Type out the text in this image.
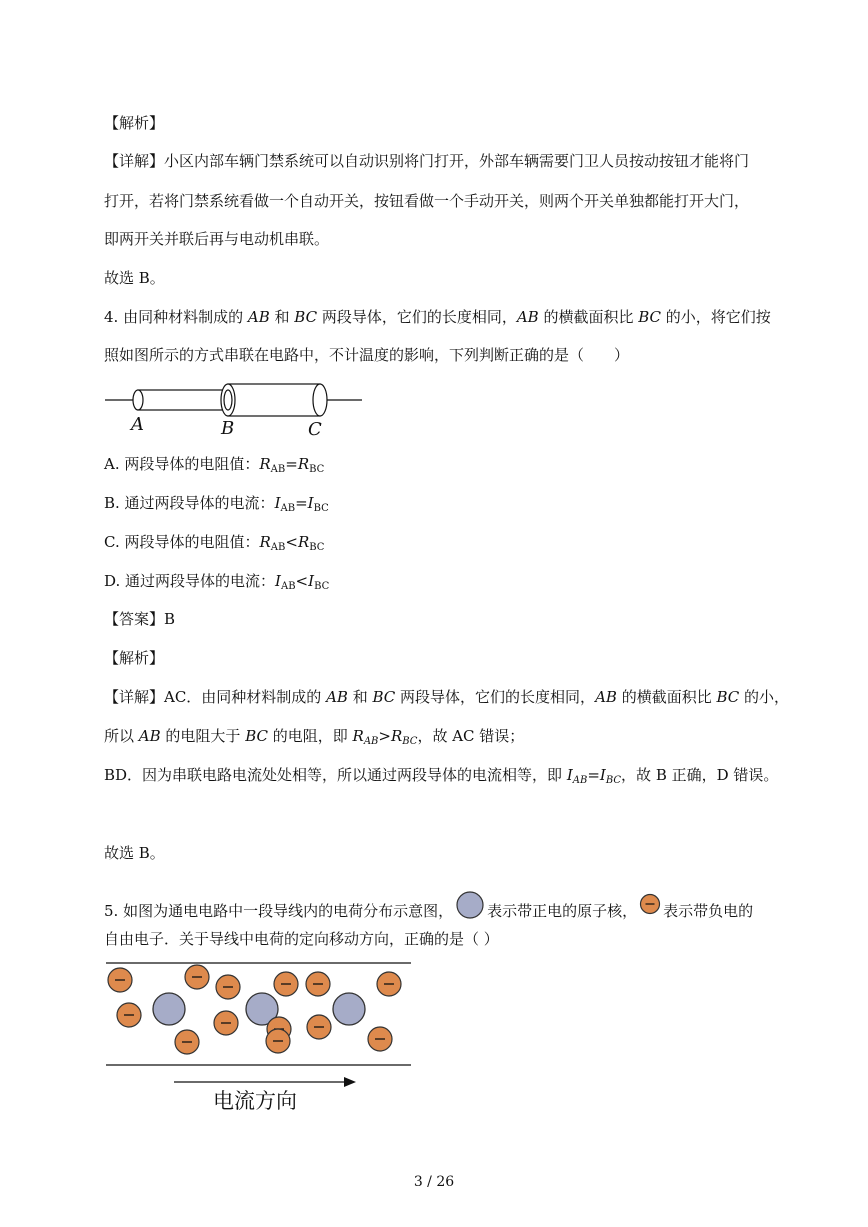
【解析】
【详解】小区内部车辆门禁系统可以自动识别将门打开，外部车辆需要门卫人员按动按钮才能将门
打开，若将门禁系统看做一个自动开关，按钮看做一个手动开关，则两个开关单独都能打开大门，
即两开关并联后再与电动机串联。
故选 B。
4. 由同种材料制成的 AB 和 BC 两段导体，它们的长度相同，AB 的横截面积比 BC 的小，将它们按
照如图所示的方式串联在电路中，不计温度的影响，下列判断正确的是（　　）
A	B	C
A. 两段导体的电阻值：$R_{AB}=R_{BC}$
B. 通过两段导体的电流：$I_{AB}=I_{BC}$
C. 两段导体的电阻值：$R_{AB}<R_{BC}$
D. 通过两段导体的电流：$I_{AB}<I_{BC}$
【答案】B
【解析】
【详解】AC．由同种材料制成的 AB 和 BC 两段导体，它们的长度相同，AB 的横截面积比 BC 的小，
所以 AB 的电阻大于 BC 的电阻，即 $R_{AB}>R_{BC}$，故 AC 错误；
BD．因为串联电路电流处处相等，所以通过两段导体的电流相等，即 $I_{AB}=I_{BC}$，故 B 正确，D 错误。
故选 B。
5. 如图为通电电路中一段导线内的电荷分布示意图， 表示带正电的原子核， 表示带负电的
自由电子．关于导线中电荷的定向移动方向，正确的是（ ）
电流方向
3 / 26
